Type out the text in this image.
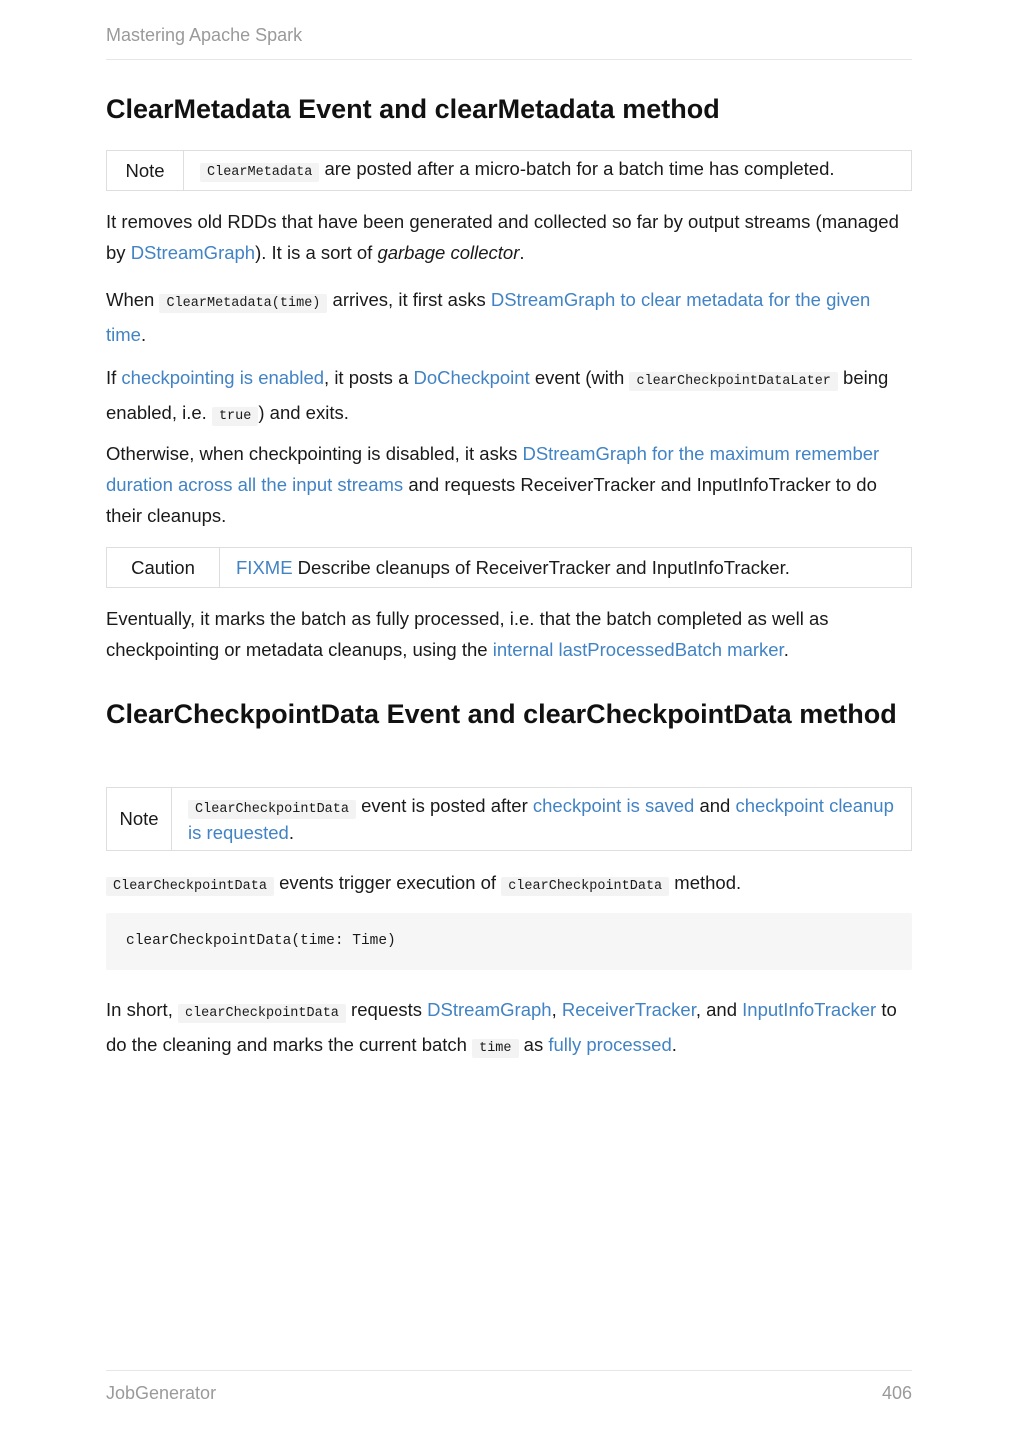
Mastering Apache Spark
ClearMetadata Event and clearMetadata method
Note	ClearMetadata are posted after a micro-batch for a batch time has completed.

It removes old RDDs that have been generated and collected so far by output streams (managed by DStreamGraph). It is a sort of garbage collector.

When ClearMetadata(time) arrives, it first asks DStreamGraph to clear metadata for the given time.

If checkpointing is enabled, it posts a DoCheckpoint event (with clearCheckpointDataLater being enabled, i.e. true ) and exits.

Otherwise, when checkpointing is disabled, it asks DStreamGraph for the maximum remember duration across all the input streams and requests ReceiverTracker and InputInfoTracker to do their cleanups.

Caution	FIXME Describe cleanups of ReceiverTracker and InputInfoTracker.

Eventually, it marks the batch as fully processed, i.e. that the batch completed as well as checkpointing or metadata cleanups, using the internal lastProcessedBatch marker.

ClearCheckpointData Event and clearCheckpointData method
Note	ClearCheckpointData event is posted after checkpoint is saved and checkpoint cleanup is requested.

ClearCheckpointData events trigger execution of clearCheckpointData method.

clearCheckpointData(time: Time)

In short, clearCheckpointData requests DStreamGraph, ReceiverTracker, and InputInfoTracker to do the cleaning and marks the current batch time as fully processed.

JobGenerator	406
